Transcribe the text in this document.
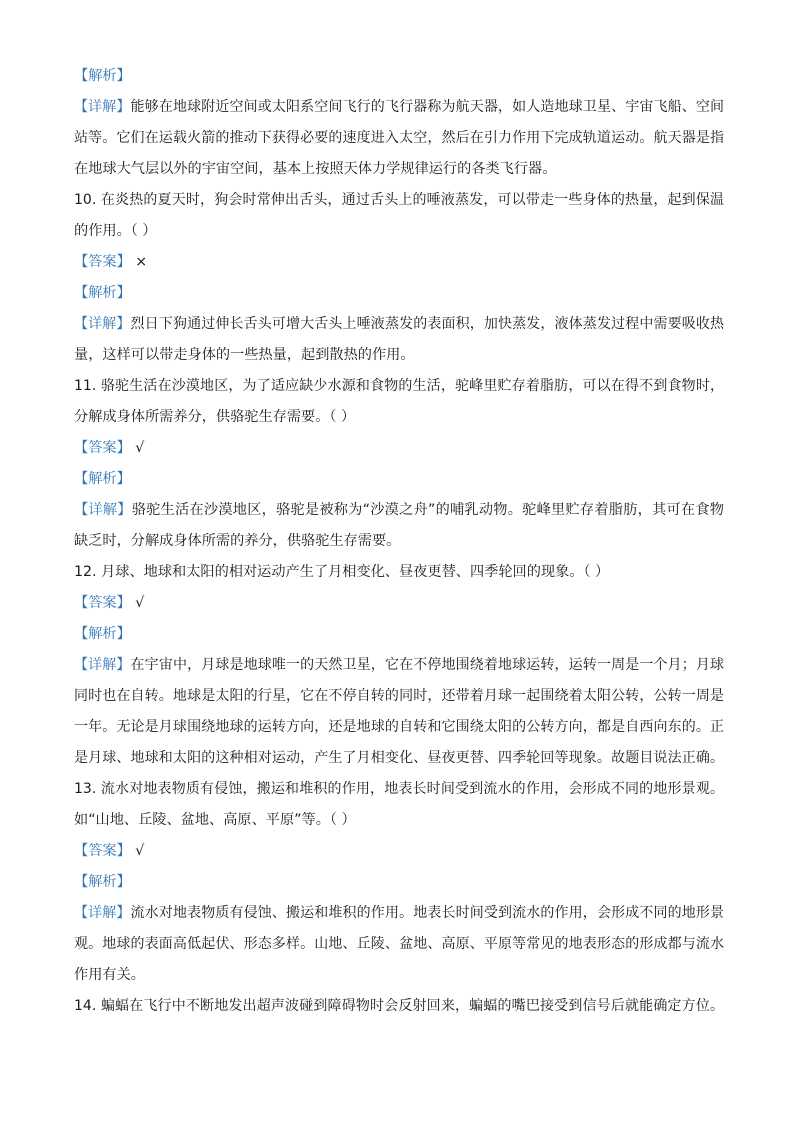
【解析】
【详解】能够在地球附近空间或太阳系空间飞行的飞行器称为航天器，如人造地球卫星、宇宙飞船、空间
站等。它们在运载火箭的推动下获得必要的速度进入太空，然后在引力作用下完成轨道运动。航天器是指
在地球大气层以外的宇宙空间，基本上按照天体力学规律运行的各类飞行器。
10. 在炎热的夏天时，狗会时常伸出舌头，通过舌头上的唾液蒸发，可以带走一些身体的热量，起到保温
的作用。（ ）
【答案】 ×
【解析】
【详解】烈日下狗通过伸长舌头可增大舌头上唾液蒸发的表面积，加快蒸发，液体蒸发过程中需要吸收热
量，这样可以带走身体的一些热量，起到散热的作用。
11. 骆驼生活在沙漠地区，为了适应缺少水源和食物的生活，驼峰里贮存着脂肪，可以在得不到食物时，
分解成身体所需养分，供骆驼生存需要。（ ）
【答案】 √
【解析】
【详解】骆驼生活在沙漠地区，骆驼是被称为“沙漠之舟”的哺乳动物。驼峰里贮存着脂肪，其可在食物
缺乏时，分解成身体所需的养分，供骆驼生存需要。
12. 月球、地球和太阳的相对运动产生了月相变化、昼夜更替、四季轮回的现象。（ ）
【答案】 √
【解析】
【详解】在宇宙中，月球是地球唯一的天然卫星，它在不停地围绕着地球运转，运转一周是一个月；月球
同时也在自转。地球是太阳的行星，它在不停自转的同时，还带着月球一起围绕着太阳公转，公转一周是
一年。无论是月球围绕地球的运转方向，还是地球的自转和它围绕太阳的公转方向，都是自西向东的。正
是月球、地球和太阳的这种相对运动，产生了月相变化、昼夜更替、四季轮回等现象。故题目说法正确。
13. 流水对地表物质有侵蚀，搬运和堆积的作用，地表长时间受到流水的作用，会形成不同的地形景观。
如“山地、丘陵、盆地、高原、平原”等。（ ）
【答案】 √
【解析】
【详解】流水对地表物质有侵蚀、搬运和堆积的作用。地表长时间受到流水的作用，会形成不同的地形景
观。地球的表面高低起伏、形态多样。山地、丘陵、盆地、高原、平原等常见的地表形态的形成都与流水
作用有关。
14. 蝙蝠在飞行中不断地发出超声波碰到障碍物时会反射回来，蝙蝠的嘴巴接受到信号后就能确定方位。
